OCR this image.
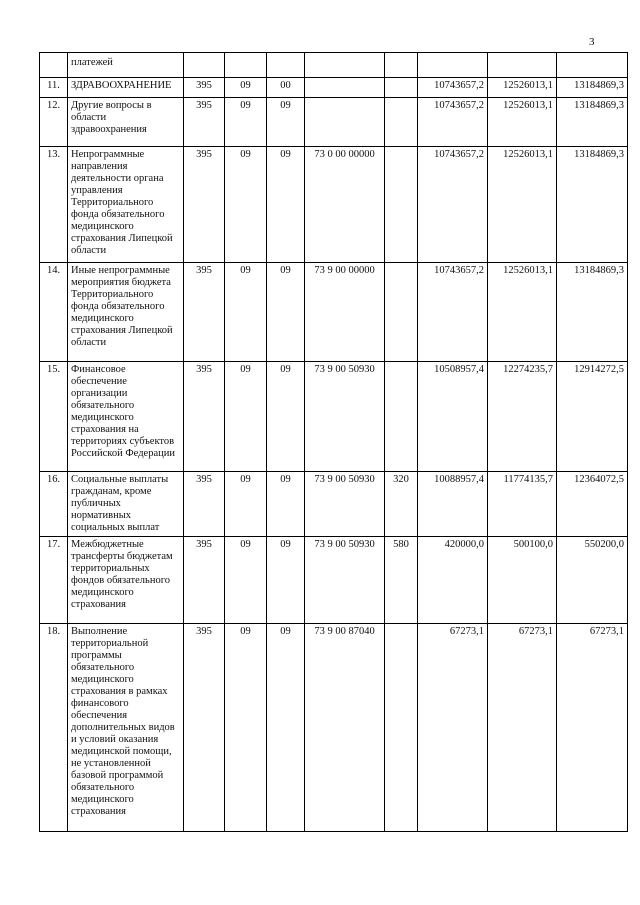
3
	платежей								
11.	ЗДРАВООХРАНЕНИЕ	395	09	00			10743657,2	12526013,1	13184869,3
12.	Другие вопросы в области здравоохранения	395	09	09			10743657,2	12526013,1	13184869,3
13.	Непрограммные направления деятельности органа управления Территориального фонда обязательного медицинского страхования Липецкой области	395	09	09	73 0 00 00000		10743657,2	12526013,1	13184869,3
14.	Иные непрограммные мероприятия бюджета Территориального фонда обязательного медицинского страхования Липецкой области	395	09	09	73 9 00 00000		10743657,2	12526013,1	13184869,3
15.	Финансовое обеспечение организации обязательного медицинского страхования на территориях субъектов Российской Федерации	395	09	09	73 9 00 50930		10508957,4	12274235,7	12914272,5
16.	Социальные выплаты гражданам, кроме публичных нормативных социальных выплат	395	09	09	73 9 00 50930	320	10088957,4	11774135,7	12364072,5
17.	Межбюджетные трансферты бюджетам территориальных фондов обязательного медицинского страхования	395	09	09	73 9 00 50930	580	420000,0	500100,0	550200,0
18.	Выполнение территориальной программы обязательного медицинского страхования в рамках финансового обеспечения дополнительных видов и условий оказания медицинской помощи, не установленной базовой программой обязательного медицинского страхования	395	09	09	73 9 00 87040		67273,1	67273,1	67273,1
